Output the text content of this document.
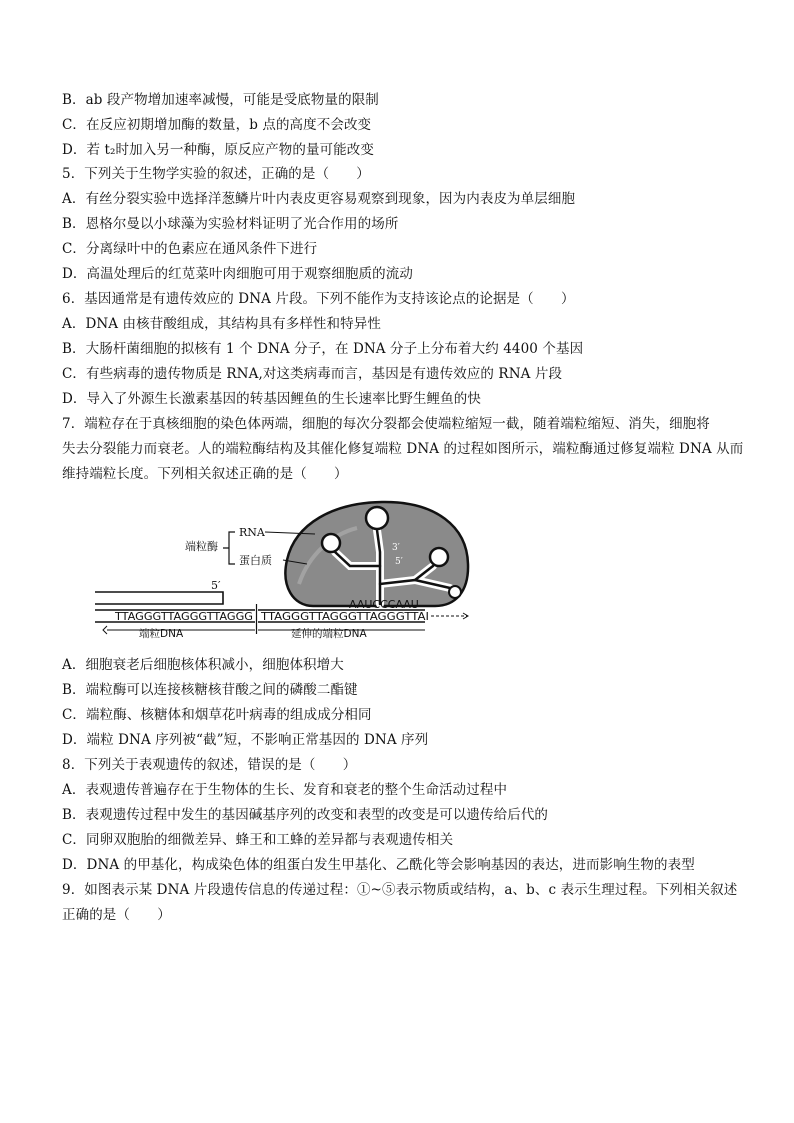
B．ab 段产物增加速率减慢，可能是受底物量的限制
C．在反应初期增加酶的数量，b 点的高度不会改变
D．若 t₂时加入另一种酶，原反应产物的量可能改变
5．下列关于生物学实验的叙述，正确的是（　　）
A．有丝分裂实验中选择洋葱鳞片叶内表皮更容易观察到现象，因为内表皮为单层细胞
B．恩格尔曼以小球藻为实验材料证明了光合作用的场所
C．分离绿叶中的色素应在通风条件下进行
D．高温处理后的红苋菜叶肉细胞可用于观察细胞质的流动
6．基因通常是有遗传效应的 DNA 片段。下列不能作为支持该论点的论据是（　　）
A．DNA 由核苷酸组成，其结构具有多样性和特异性
B．大肠杆菌细胞的拟核有 1 个 DNA 分子，在 DNA 分子上分布着大约 4400 个基因
C．有些病毒的遗传物质是 RNA,对这类病毒而言，基因是有遗传效应的 RNA 片段
D．导入了外源生长激素基因的转基因鲤鱼的生长速率比野生鲤鱼的快
7．端粒存在于真核细胞的染色体两端，细胞的每次分裂都会使端粒缩短一截，随着端粒缩短、消失，细胞将
失去分裂能力而衰老。人的端粒酶结构及其催化修复端粒 DNA 的过程如图所示，端粒酶通过修复端粒 DNA 从而
维持端粒长度。下列相关叙述正确的是（　　）
3′
5′
端粒酶
RNA
蛋白质
5′
AAUCCCAAU
TTAGGGTTAGGGTTAGGG TTAGGGTTAGGGTTAGGGTTAI
端粒DNA	延伸的端粒DNA
A．细胞衰老后细胞核体积减小，细胞体积增大
B．端粒酶可以连接核糖核苷酸之间的磷酸二酯键
C．端粒酶、核糖体和烟草花叶病毒的组成成分相同
D．端粒 DNA 序列被“截”短，不影响正常基因的 DNA 序列
8．下列关于表观遗传的叙述，错误的是（　　）
A．表观遗传普遍存在于生物体的生长、发育和衰老的整个生命活动过程中
B．表观遗传过程中发生的基因碱基序列的改变和表型的改变是可以遗传给后代的
C．同卵双胞胎的细微差异、蜂王和工蜂的差异都与表观遗传相关
D．DNA 的甲基化，构成染色体的组蛋白发生甲基化、乙酰化等会影响基因的表达，进而影响生物的表型
9．如图表示某 DNA 片段遗传信息的传递过程：①~⑤表示物质或结构，a、b、c 表示生理过程。下列相关叙述
正确的是（　　）
